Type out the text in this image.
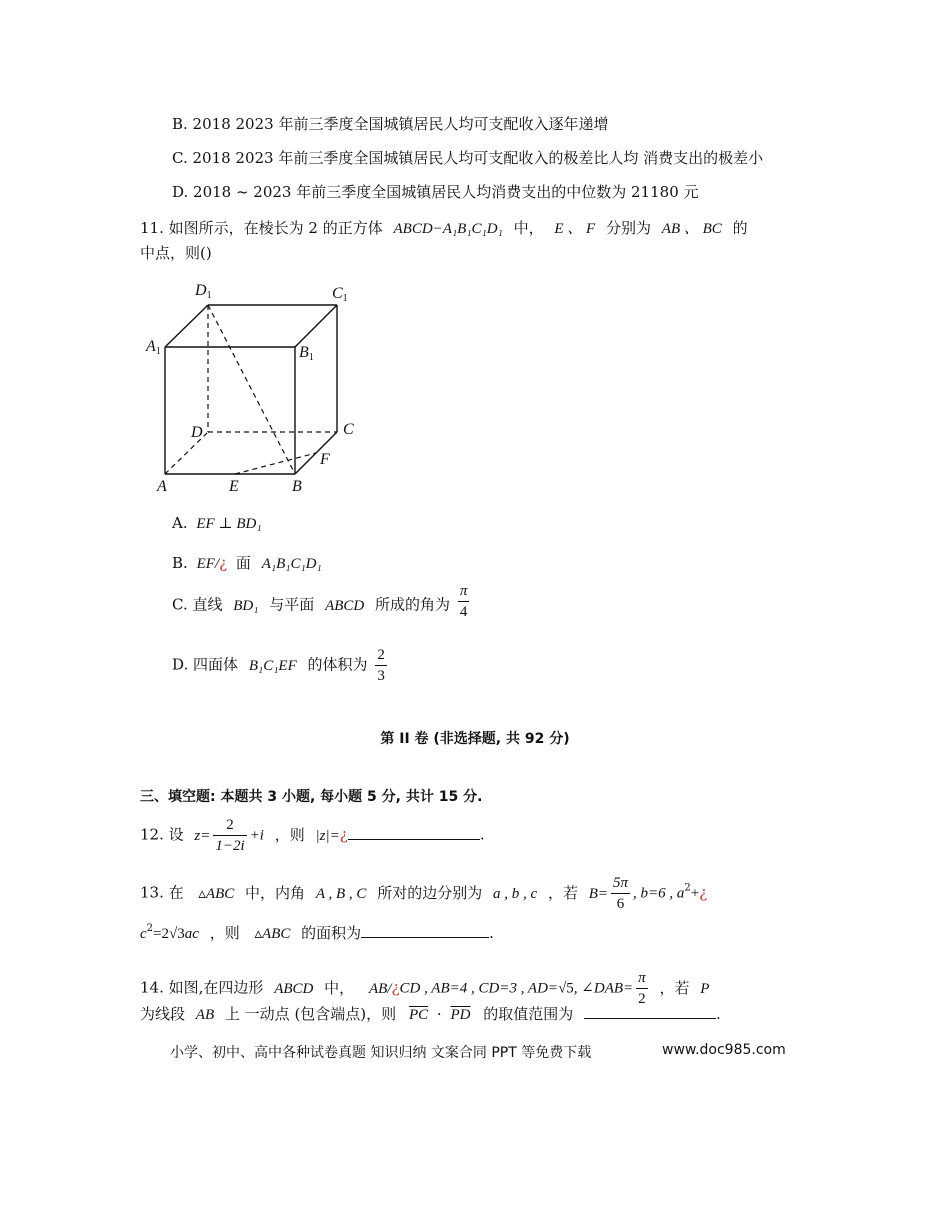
B. 2018 2023 年前三季度全国城镇居民人均可支配收入逐年递增
C. 2018 2023 年前三季度全国城镇居民人均可支配收入的极差比人均 消费支出的极差小
D. 2018 ~ 2023 年前三季度全国城镇居民人均消费支出的中位数为 21180 元
11. 如图所示，在棱长为 2 的正方体 ABCD−A₁B₁C₁D₁ 中， E 、 F 分别为 AB 、 BC 的
中点，则()
D1	C1
A1	B1
D	C
F
A	E	B
A. EF ⊥ BD₁
B. EF/¿ 面 A₁B₁C₁D₁
C. 直线 BD₁ 与平面 ABCD 所成的角为 $\frac{\pi}{4}$
D. 四面体 B₁C₁EF 的体积为 $\frac{2}{3}$
第 II 卷 (非选择题, 共 92 分)
三、填空题: 本题共 3 小题, 每小题 5 分, 共计 15 分.
12. 设 $z= \frac{2}{1-2i} +i$ ，则 |z|=¿	.
13. 在 ▵ABC 中，内角 A , B , C 所对的边分别为 a , b , c ，若 $B= \frac{5\pi}{6}$ , b=6 , $a^2+¿$
$c^2=2√3ac$ ，则 ▵ABC 的面积为	.
14. 如图,在四边形 ABCD 中， AB/¿CD , AB=4 , CD=3 , AD=√5, ∠DAB= $\frac{\pi}{2}$ ，若 P
为线段 AB 上 一动点 (包含端点)，则 $\overline{PC} \cdot \overline{PD}$ 的取值范围为	.
小学、初中、高中各种试卷真题 知识归纳 文案合同 PPT 等免费下载	www.doc985.com
